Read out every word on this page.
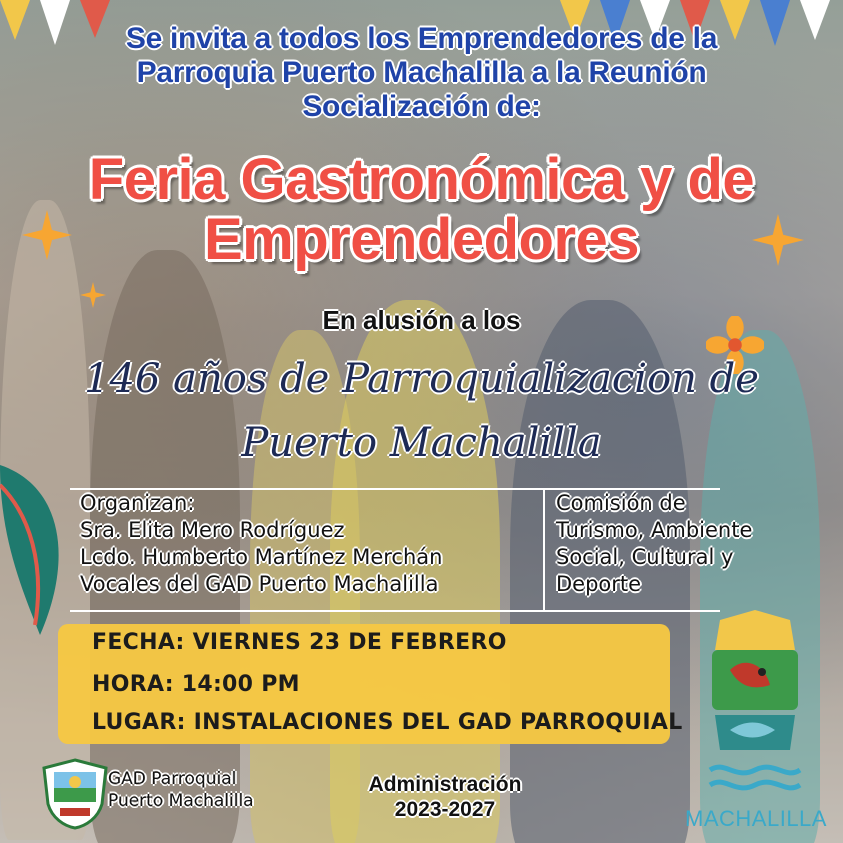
Se invita a todos los Emprendedores de la
Parroquia Puerto Machalilla a la Reunión
Socialización de:
Feria Gastronómica y de
Emprendedores
En alusión a los
146 años de Parroquializacion de
Puerto Machalilla
Organizan:
Sra. Elita Mero Rodríguez
Lcdo. Humberto Martínez Merchán
Vocales del GAD Puerto Machalilla
Comisión de
Turismo, Ambiente
Social, Cultural y
Deporte
FECHA: VIERNES 23 DE FEBRERO
HORA: 14:00 PM
LUGAR: INSTALACIONES DEL GAD PARROQUIAL
GAD Parroquial
Puerto Machalilla
Administración
2023-2027	MACHALILLA
